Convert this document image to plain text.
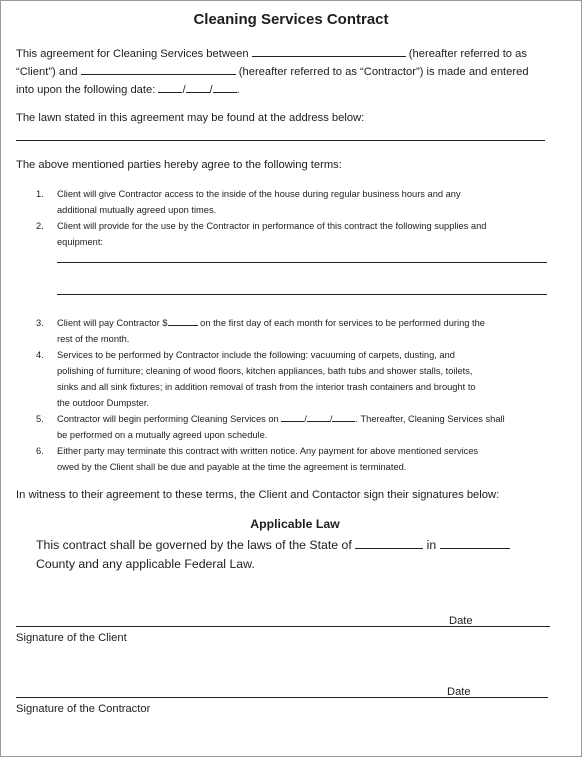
Cleaning Services Contract
This agreement for Cleaning Services between	(hereafter referred to as
“Client”) and	(hereafter referred to as “Contractor”) is made and entered
into upon the following date: / / .
The lawn stated in this agreement may be found at the address below:
The above mentioned parties hereby agree to the following terms:
1. Client will give Contractor access to the inside of the house during regular business hours and any
additional mutually agreed upon times.
2. Client will provide for the use by the Contractor in performance of this contract the following supplies and
equipment:
3. Client will pay Contractor $	on the first day of each month for services to be performed during the
rest of the month.
4. Services to be performed by Contractor include the following: vacuuming of carpets, dusting, and
polishing of furniture; cleaning of wood floors, kitchen appliances, bath tubs and shower stalls, toilets,
sinks and all sink fixtures; in addition removal of trash from the interior trash containers and brought to
the outdoor Dumpster.
5. Contractor will begin performing Cleaning Services on	/ / . Thereafter, Cleaning Services shall
be performed on a mutually agreed upon schedule.
6. Either party may terminate this contract with written notice. Any payment for above mentioned services
owed by the Client shall be due and payable at the time the agreement is terminated.
In witness to their agreement to these terms, the Client and Contactor sign their signatures below:
Applicable Law
This contract shall be governed by the laws of the State of	in
County and any applicable Federal Law.
Date
Signature of the Client
Date
Signature of the Contractor
